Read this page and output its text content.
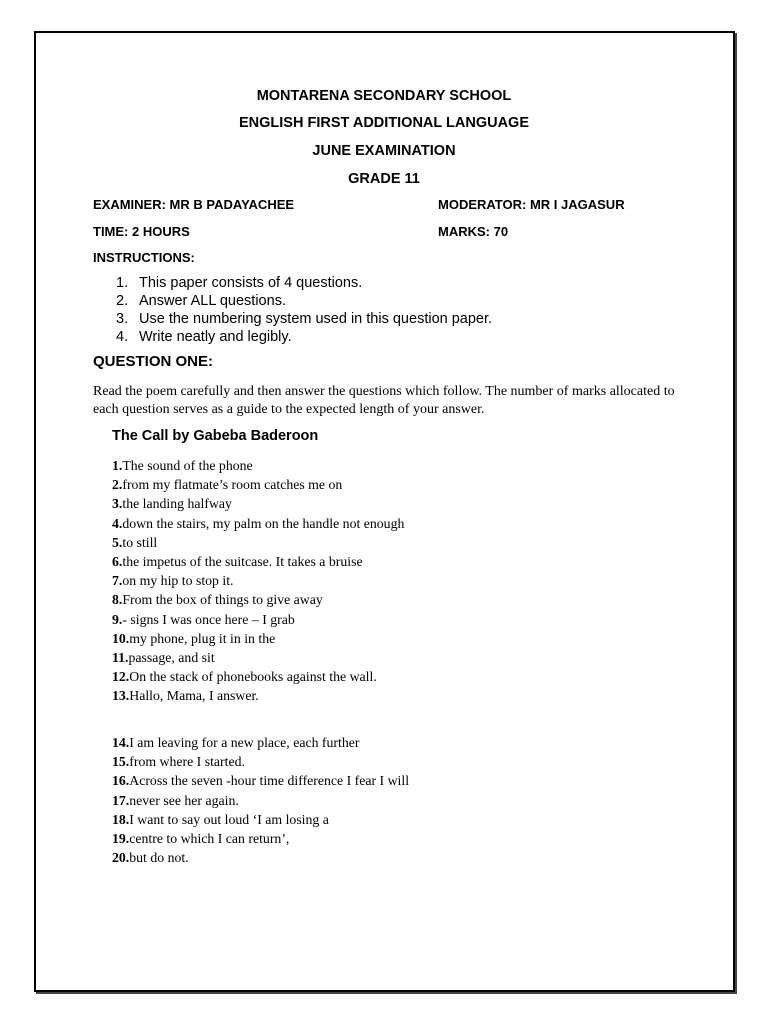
MONTARENA SECONDARY SCHOOL
ENGLISH FIRST ADDITIONAL LANGUAGE
JUNE EXAMINATION
GRADE 11
EXAMINER: MR B PADAYACHEE	MODERATOR: MR I JAGASUR
TIME: 2 HOURS	MARKS: 70
INSTRUCTIONS:
1. This paper consists of 4 questions.
2. Answer ALL questions.
3. Use the numbering system used in this question paper.
4. Write neatly and legibly.
QUESTION ONE:
Read the poem carefully and then answer the questions which follow. The number of marks allocated to each question serves as a guide to the expected length of your answer.
The Call by Gabeba Baderoon
1.The sound of the phone
2.from my flatmate’s room catches me on
3.the landing halfway
4.down the stairs, my palm on the handle not enough
5.to still
6.the impetus of the suitcase. It takes a bruise
7.on my hip to stop it.
8.From the box of things to give away
9.- signs I was once here – I grab
10.my phone, plug it in in the
11.passage, and sit
12.On the stack of phonebooks against the wall.
13.Hallo, Mama, I answer.
14.I am leaving for a new place, each further
15.from where I started.
16.Across the seven -hour time difference I fear I will
17.never see her again.
18.I want to say out loud ‘I am losing a
19.centre to which I can return’,
20.but do not.
